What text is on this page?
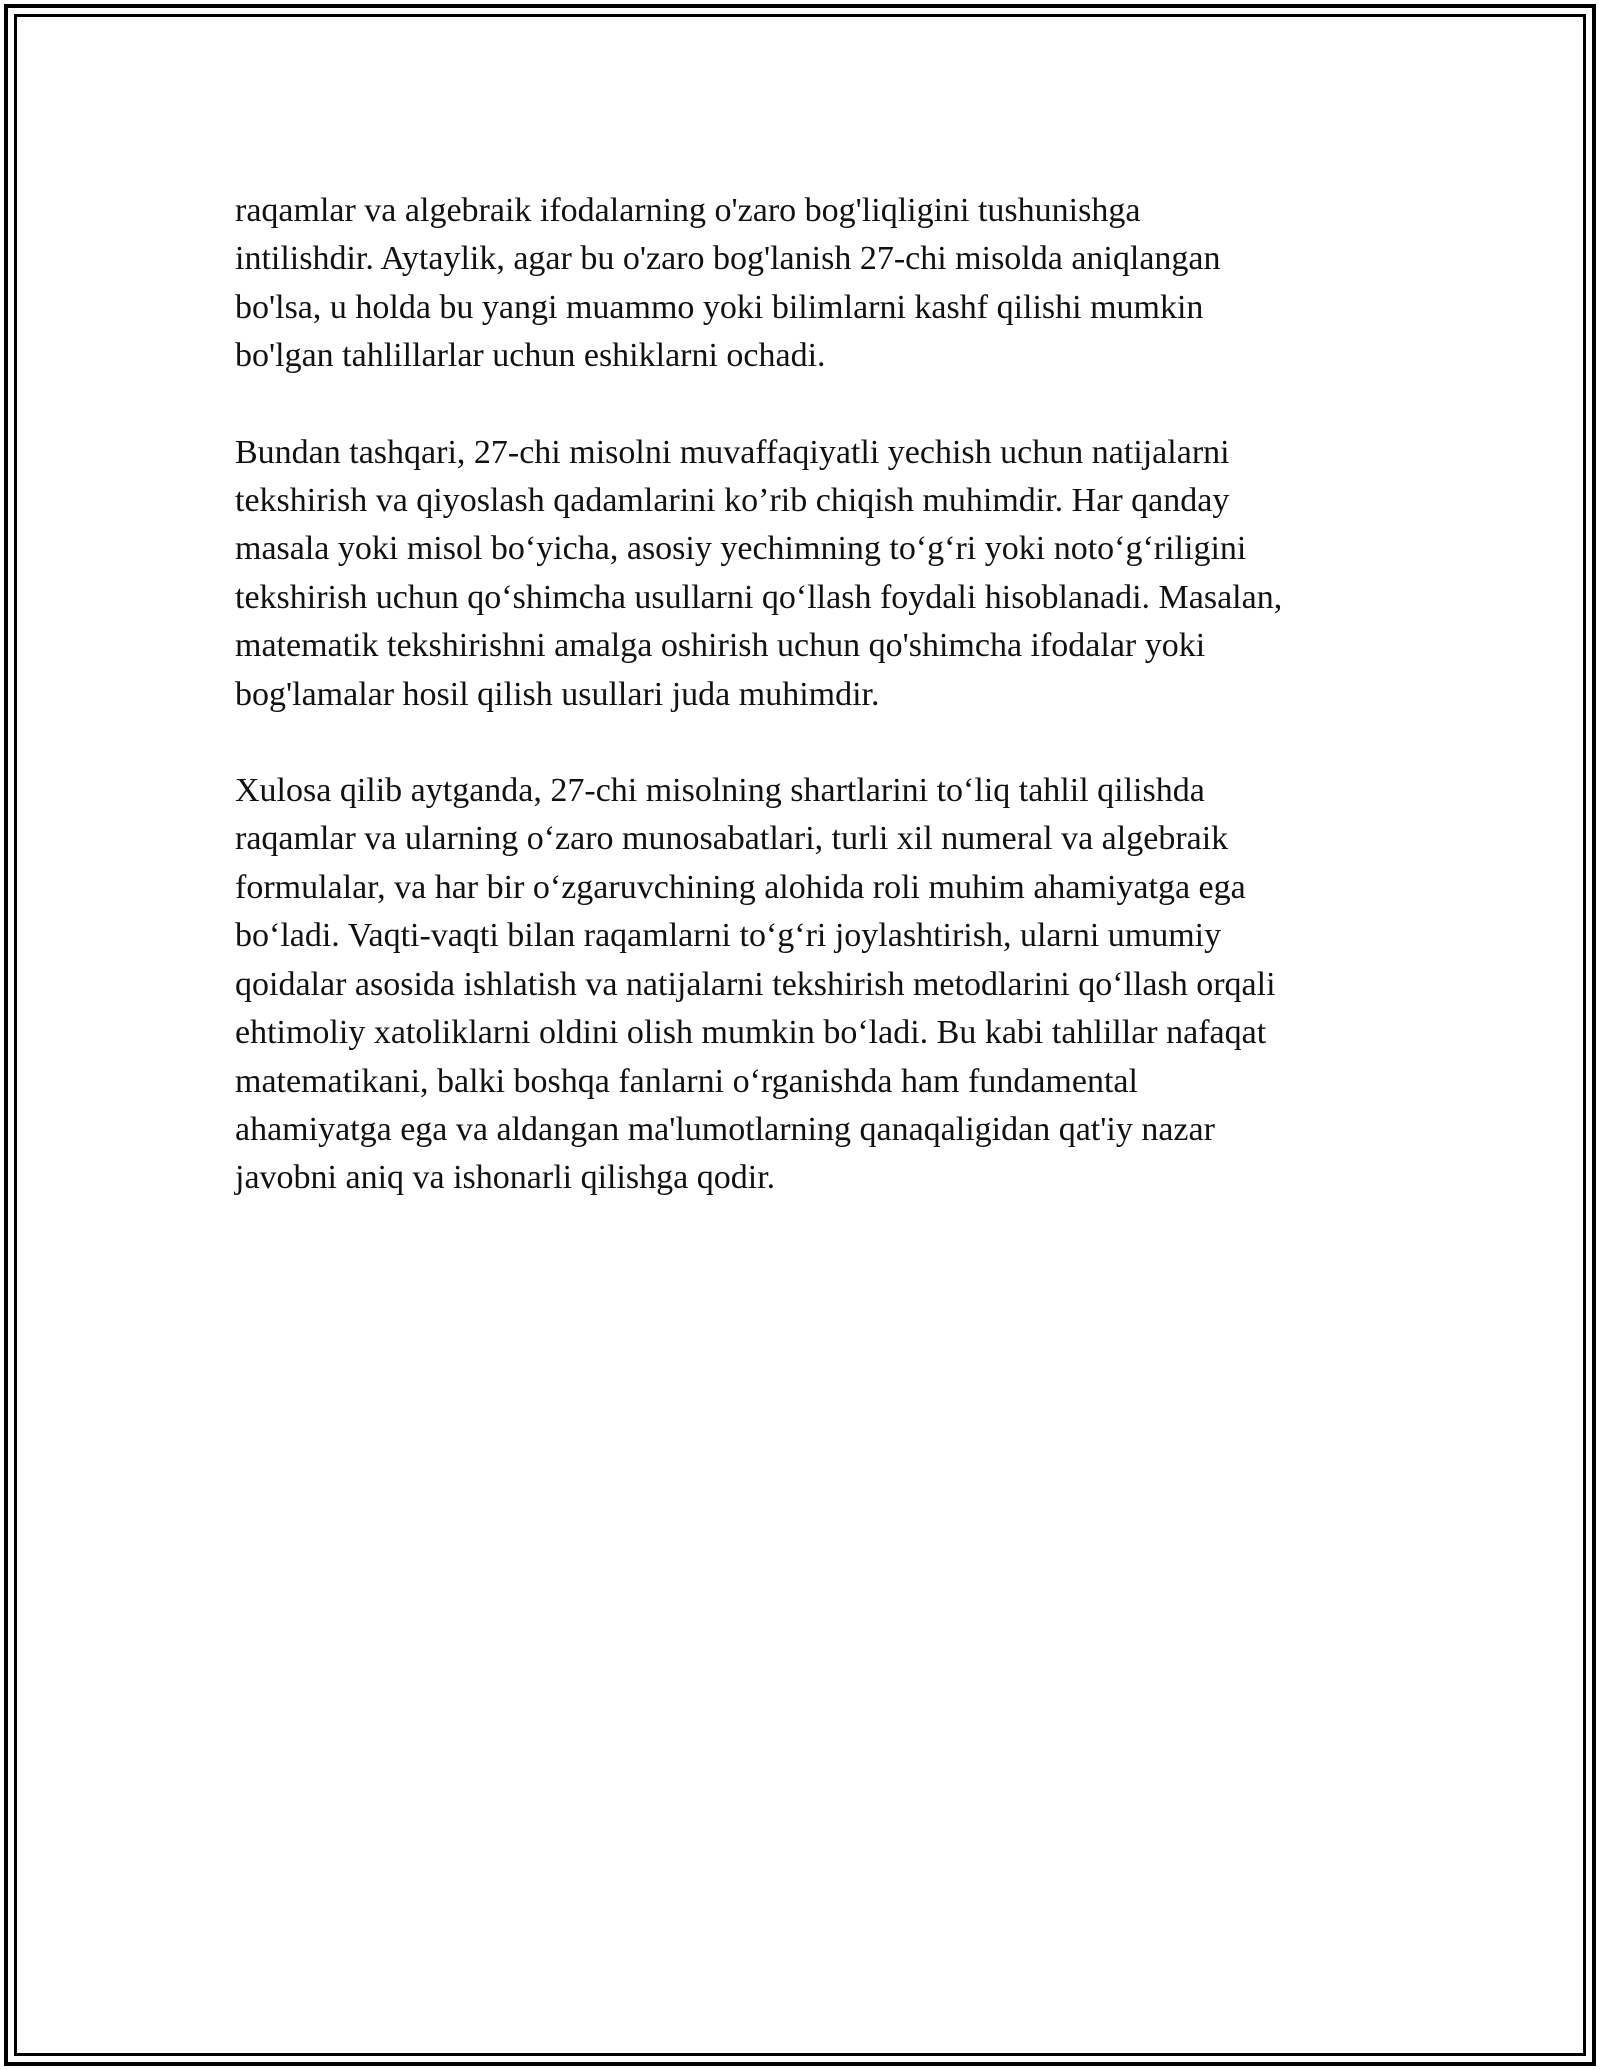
raqamlar va algebraik ifodalarning o'zaro bog'liqligini tushunishga
intilishdir. Aytaylik, agar bu o'zaro bog'lanish 27-chi misolda aniqlangan
bo'lsa, u holda bu yangi muammo yoki bilimlarni kashf qilishi mumkin
bo'lgan tahlillarlar uchun eshiklarni ochadi.

Bundan tashqari, 27-chi misolni muvaffaqiyatli yechish uchun natijalarni
tekshirish va qiyoslash qadamlarini ko’rib chiqish muhimdir. Har qanday
masala yoki misol bo‘yicha, asosiy yechimning to‘g‘ri yoki noto‘g‘riligini
tekshirish uchun qo‘shimcha usullarni qo‘llash foydali hisoblanadi. Masalan,
matematik tekshirishni amalga oshirish uchun qo'shimcha ifodalar yoki
bog'lamalar hosil qilish usullari juda muhimdir.

Xulosa qilib aytganda, 27-chi misolning shartlarini to‘liq tahlil qilishda
raqamlar va ularning o‘zaro munosabatlari, turli xil numeral va algebraik
formulalar, va har bir o‘zgaruvchining alohida roli muhim ahamiyatga ega
bo‘ladi. Vaqti-vaqti bilan raqamlarni to‘g‘ri joylashtirish, ularni umumiy
qoidalar asosida ishlatish va natijalarni tekshirish metodlarini qo‘llash orqali
ehtimoliy xatoliklarni oldini olish mumkin bo‘ladi. Bu kabi tahlillar nafaqat
matematikani, balki boshqa fanlarni o‘rganishda ham fundamental
ahamiyatga ega va aldangan ma'lumotlarning qanaqaligidan qat'iy nazar
javobni aniq va ishonarli qilishga qodir.
